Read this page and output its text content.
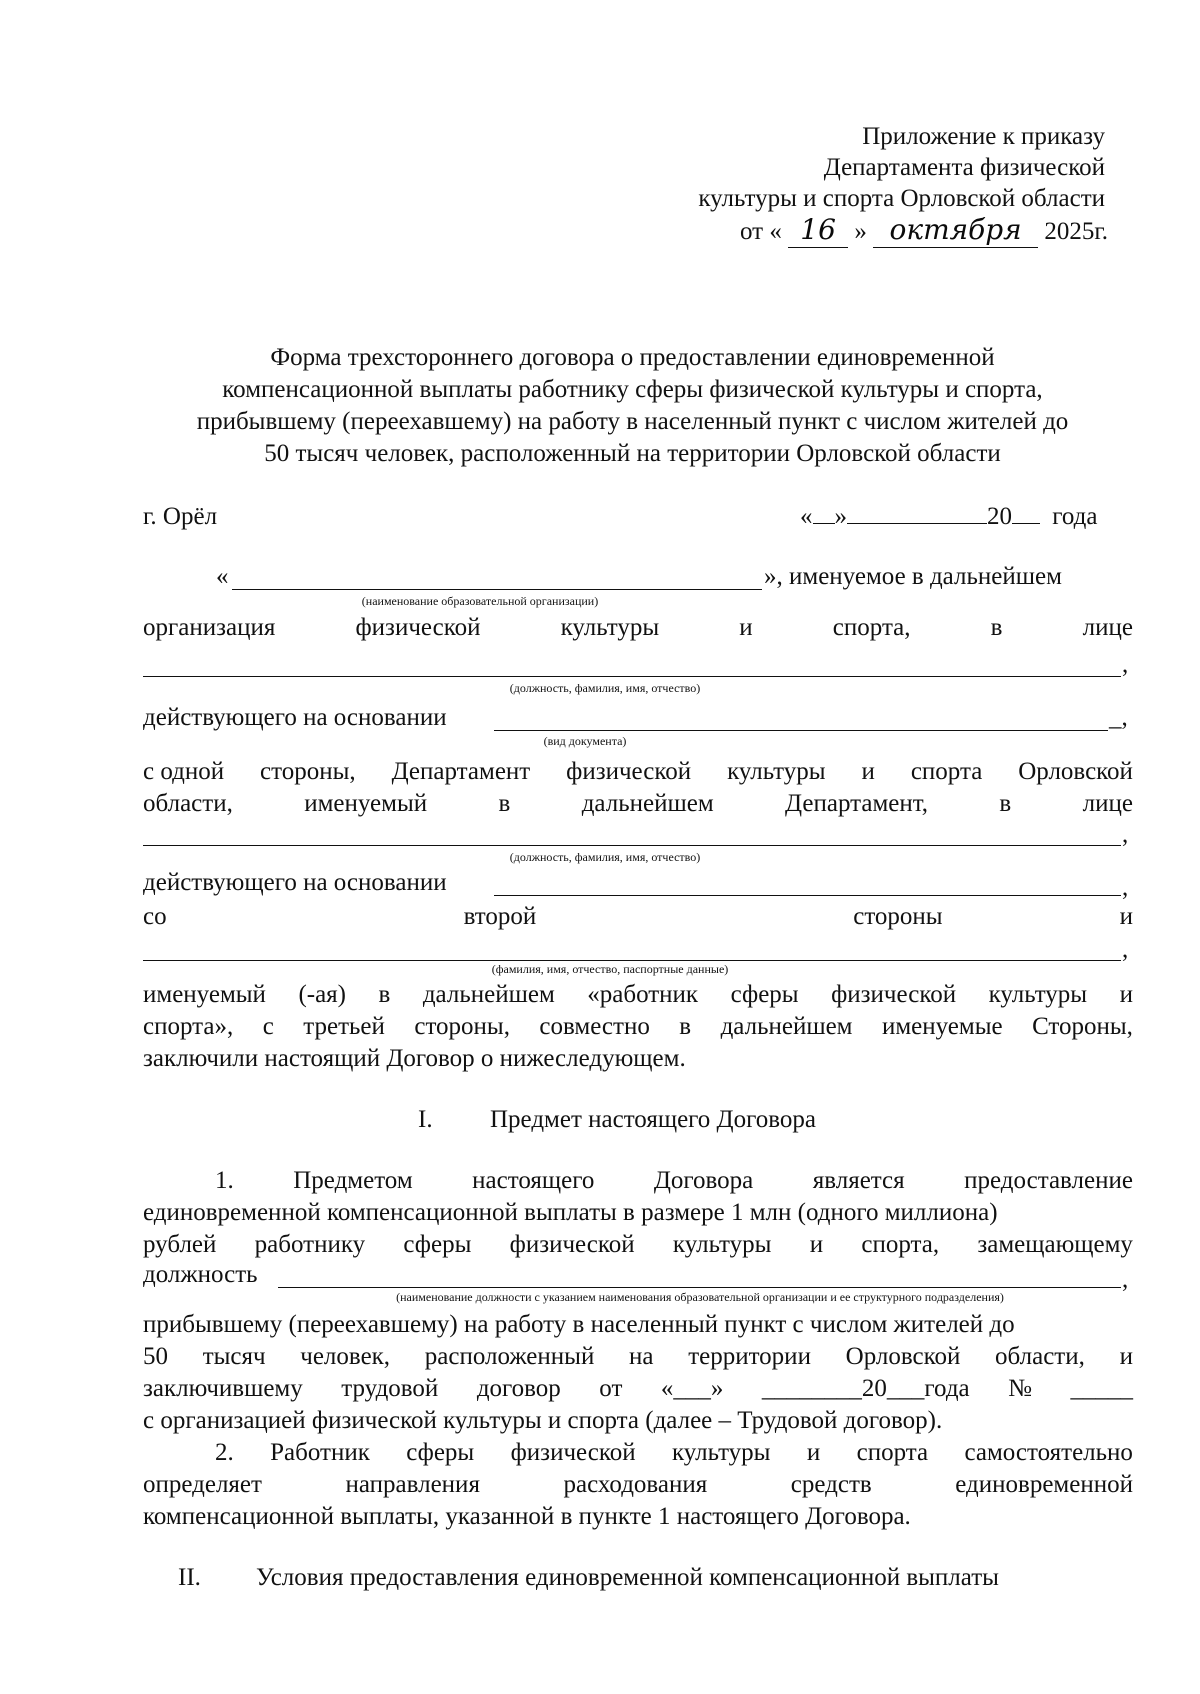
Приложение к приказу
Департамента физической
культуры и спорта Орловской области
от « 16 » октября 2025г.
Форма трехстороннего договора о предоставлении единовременной
компенсационной выплаты работнику сферы физической культуры и спорта,
прибывшему (переехавшему) на работу в населенный пункт с числом жителей до
50 тысяч человек, расположенный на территории Орловской области
г. Орёл	« »	20 года
«	», именуемое в дальнейшем
(наименование образовательной организации)
организация	физической	культуры	и	спорта,	в	лице
,
(должность, фамилия, имя, отчество)
действующего на основании	_,
(вид документа)
с одной стороны, Департамент физической культуры и спорта Орловской
области,	именуемый	в	дальнейшем	Департамент,	в	лице
,
(должность, фамилия, имя, отчество)
действующего на основании	,
со	второй	стороны	и
,
(фамилия, имя, отчество, паспортные данные)
именуемый (-ая) в дальнейшем «работник сферы физической культуры и
спорта», с третьей стороны, совместно в дальнейшем именуемые Стороны,
заключили настоящий Договор о нижеследующем.
I. Предмет настоящего Договора
1. Предметом настоящего Договора является предоставление
единовременной компенсационной выплаты в размере 1 млн (одного миллиона)
рублей работнику сферы физической культуры и спорта, замещающему
должность	,
(наименование должности с указанием наименования образовательной организации и ее структурного подразделения)
прибывшему (переехавшему) на работу в населенный пункт с числом жителей до
50 тысяч человек, расположенный на территории Орловской области, и
заключившему трудовой договор от «___» ________20___года № _____
с организацией физической культуры и спорта (далее – Трудовой договор).
2. Работник сферы физической культуры и спорта самостоятельно
определяет	направления	расходования	средств	единовременной
компенсационной выплаты, указанной в пункте 1 настоящего Договора.
II. Условия предоставления единовременной компенсационной выплаты
